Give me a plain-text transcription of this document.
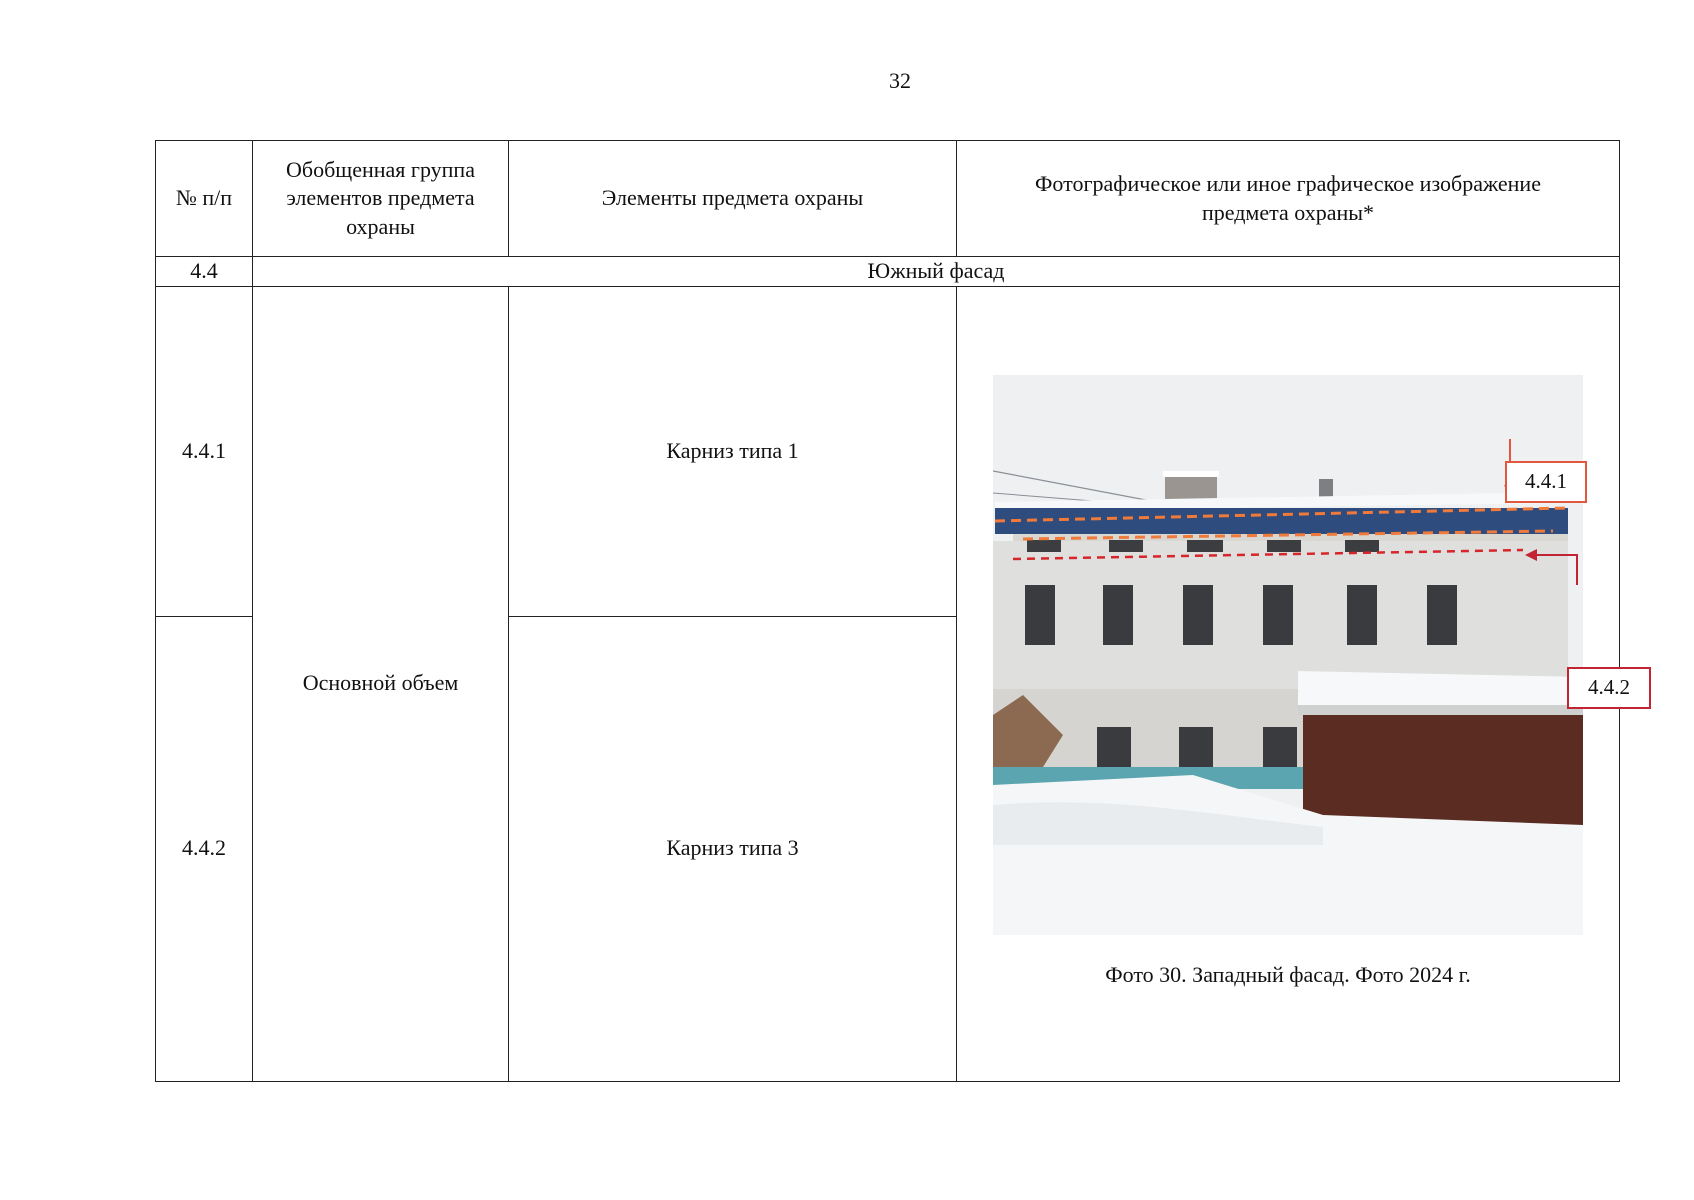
32
№ п/п	Обобщенная группа элементов предмета охраны	Элементы предмета охраны	Фотографическое или иное графическое изображение предмета охраны*
4.4	Южный фасад		
4.4.1	Основной объем	Карниз типа 1	4.4.1
4.4.2
Фото 30. Западный фасад. Фото 2024 г.

4.4.2		Карниз типа 3	
